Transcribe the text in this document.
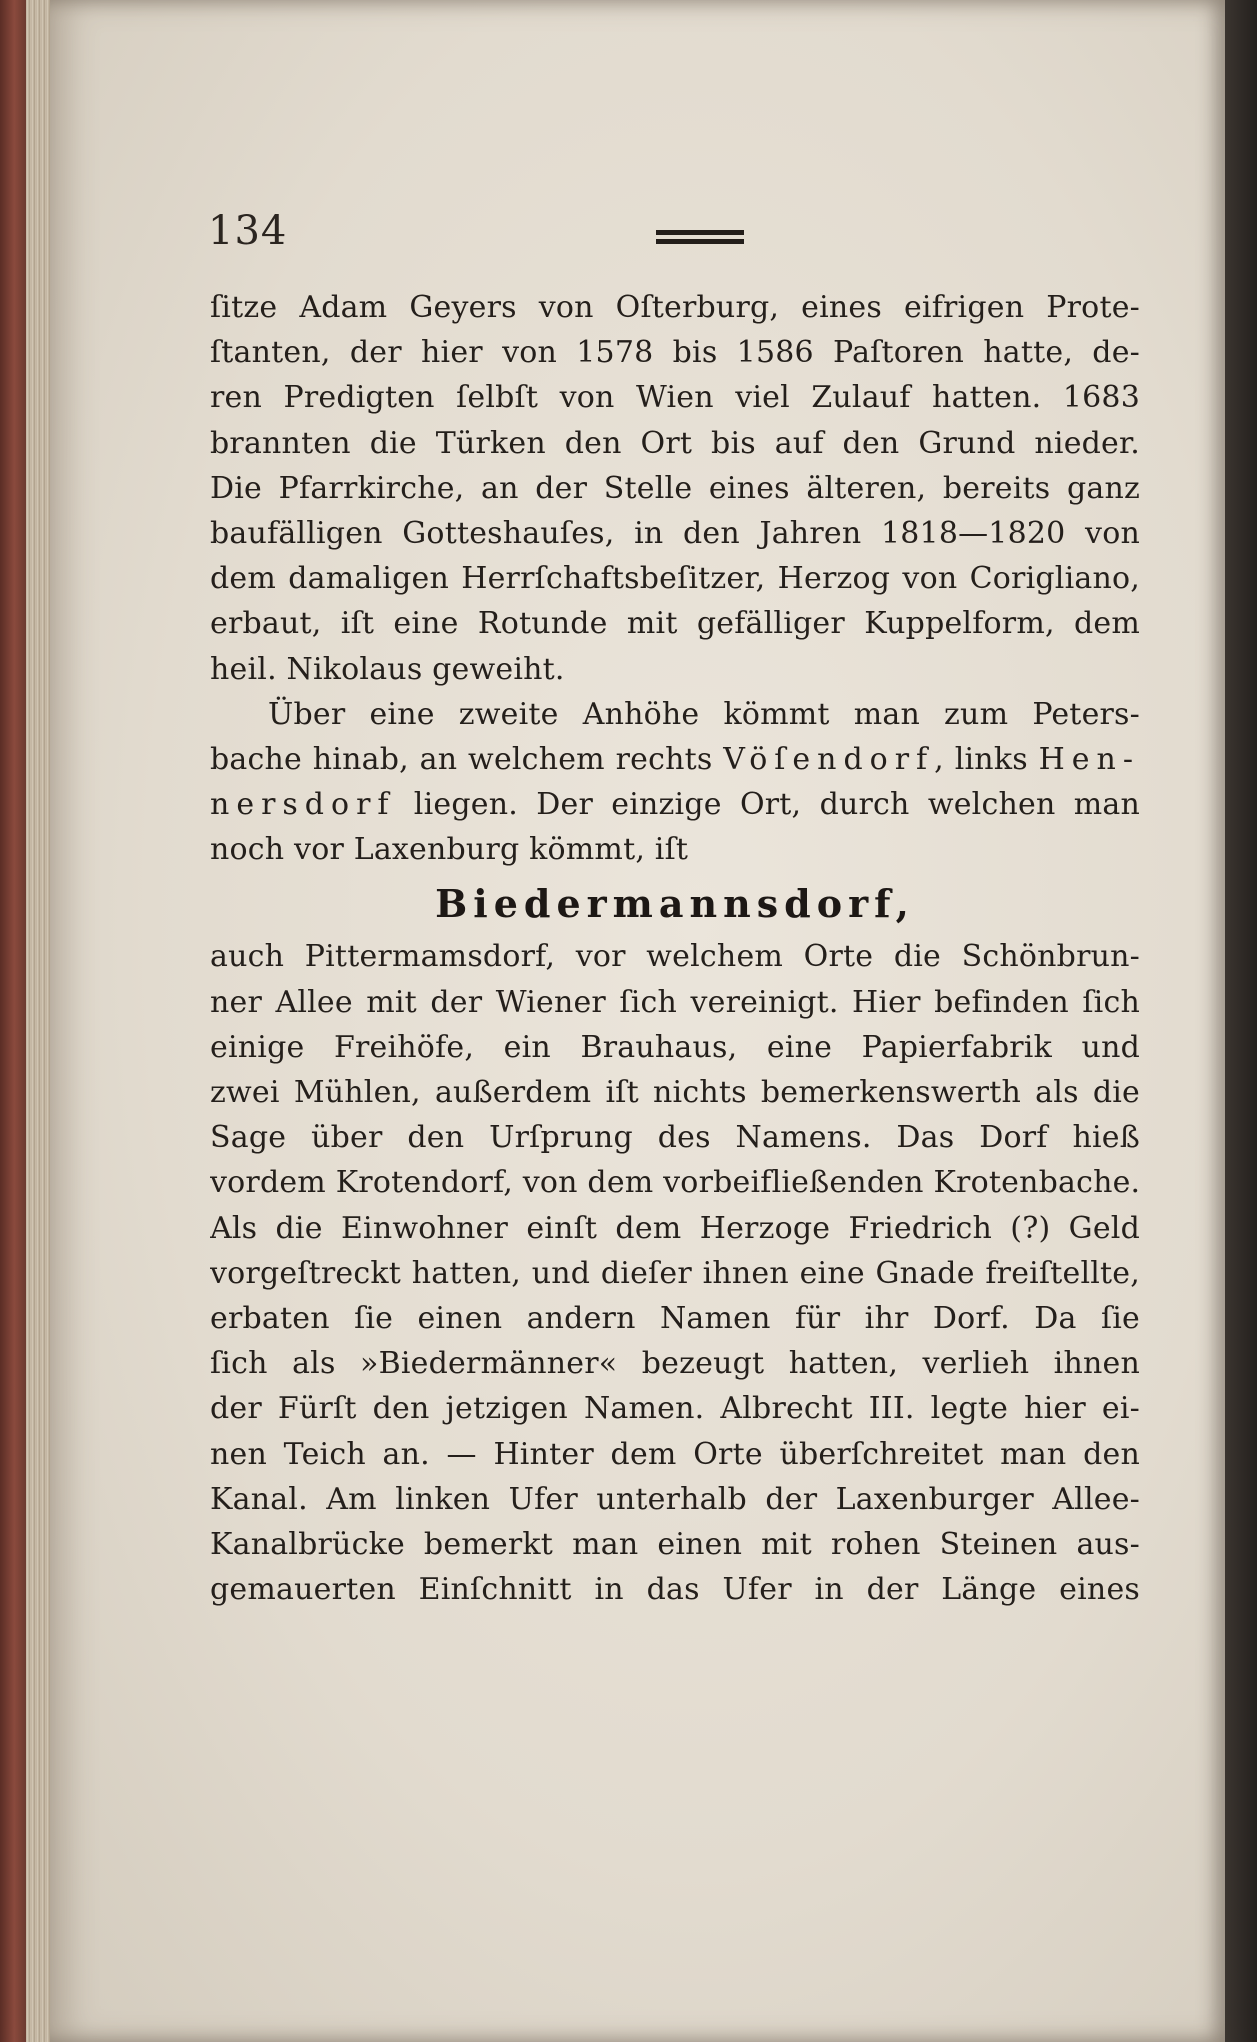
134
ſitze Adam Geyers von Oſterburg, eines eifrigen Prote-
ſtanten, der hier von 1578 bis 1586 Paſtoren hatte, de-
ren Predigten ſelbſt von Wien viel Zulauf hatten. 1683
brannten die Türken den Ort bis auf den Grund nieder.
Die Pfarrkirche, an der Stelle eines älteren, bereits ganz
baufälligen Gotteshauſes, in den Jahren 1818—1820 von
dem damaligen Herrſchaftsbeſitzer, Herzog von Corigliano,
erbaut, iſt eine Rotunde mit gefälliger Kuppelform, dem
heil. Nikolaus geweiht.
Über eine zweite Anhöhe kömmt man zum Peters-
bache hinab, an welchem rechts Vöſendorf, links Hen-
nersdorf liegen. Der einzige Ort, durch welchen man
noch vor Laxenburg kömmt, iſt
Biedermannsdorf,
auch Pittermamsdorf, vor welchem Orte die Schönbrun-
ner Allee mit der Wiener ſich vereinigt. Hier befinden ſich
einige Freihöfe, ein Brauhaus, eine Papierfabrik und
zwei Mühlen, außerdem iſt nichts bemerkenswerth als die
Sage über den Urſprung des Namens. Das Dorf hieß
vordem Krotendorf, von dem vorbeifließenden Krotenbache.
Als die Einwohner einſt dem Herzoge Friedrich (?) Geld
vorgeſtreckt hatten, und dieſer ihnen eine Gnade freiſtellte,
erbaten ſie einen andern Namen für ihr Dorf. Da ſie
ſich als »Biedermänner« bezeugt hatten, verlieh ihnen
der Fürſt den jetzigen Namen. Albrecht III. legte hier ei-
nen Teich an. — Hinter dem Orte überſchreitet man den
Kanal. Am linken Ufer unterhalb der Laxenburger Allee-
Kanalbrücke bemerkt man einen mit rohen Steinen aus-
gemauerten Einſchnitt in das Ufer in der Länge eines
